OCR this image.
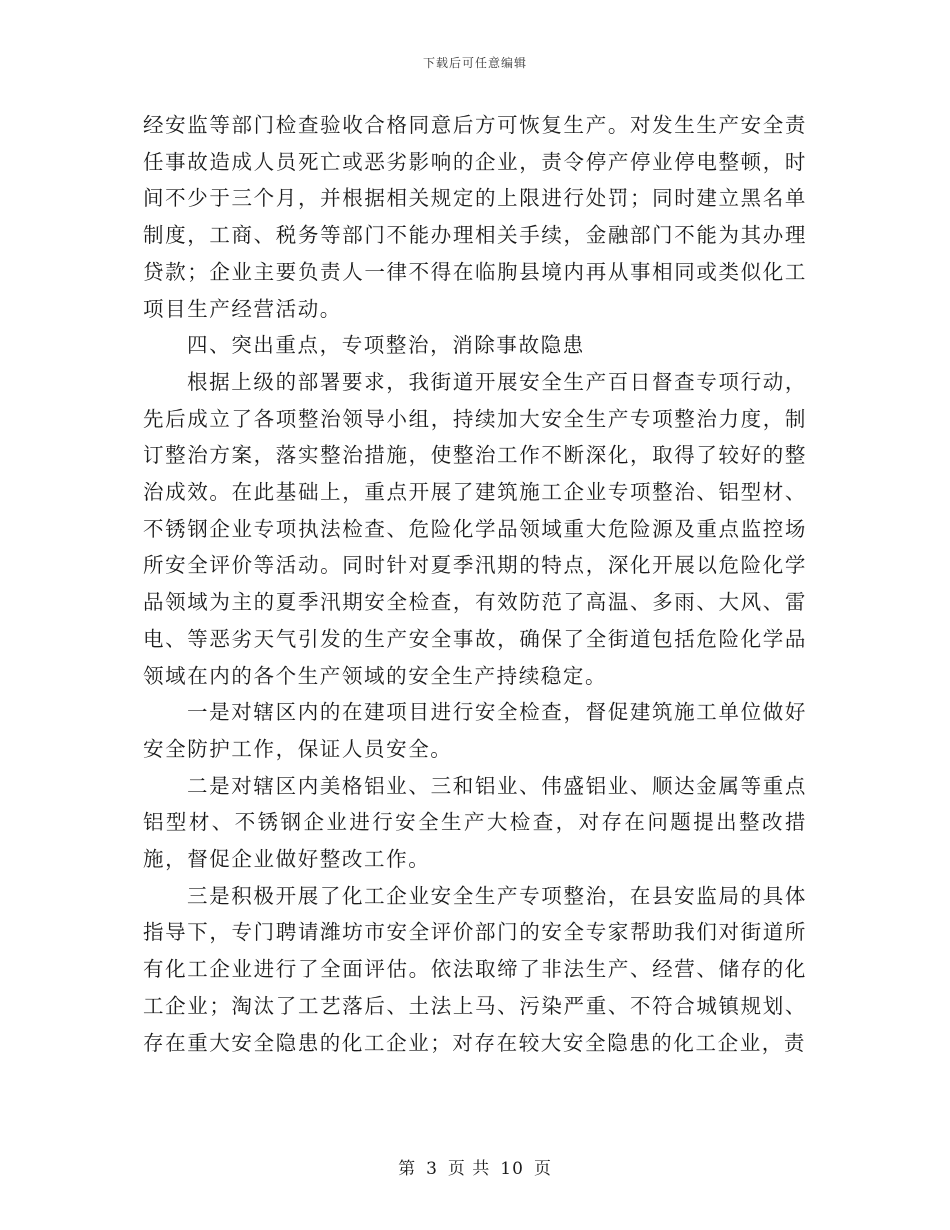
下载后可任意编辑

经安监等部门检查验收合格同意后方可恢复生产。对发生生产安全责任事故造成人员死亡或恶劣影响的企业，责令停产停业停电整顿，时间不少于三个月，并根据相关规定的上限进行处罚；同时建立黑名单制度，工商、税务等部门不能办理相关手续，金融部门不能为其办理贷款；企业主要负责人一律不得在临朐县境内再从事相同或类似化工项目生产经营活动。

四、突出重点，专项整治，消除事故隐患

根据上级的部署要求，我街道开展安全生产百日督查专项行动，先后成立了各项整治领导小组，持续加大安全生产专项整治力度，制订整治方案，落实整治措施，使整治工作不断深化，取得了较好的整治成效。在此基础上，重点开展了建筑施工企业专项整治、铝型材、不锈钢企业专项执法检查、危险化学品领域重大危险源及重点监控场所安全评价等活动。同时针对夏季汛期的特点，深化开展以危险化学品领域为主的夏季汛期安全检查，有效防范了高温、多雨、大风、雷电、等恶劣天气引发的生产安全事故，确保了全街道包括危险化学品领域在内的各个生产领域的安全生产持续稳定。

一是对辖区内的在建项目进行安全检查，督促建筑施工单位做好安全防护工作，保证人员安全。

二是对辖区内美格铝业、三和铝业、伟盛铝业、顺达金属等重点铝型材、不锈钢企业进行安全生产大检查，对存在问题提出整改措施，督促企业做好整改工作。

三是积极开展了化工企业安全生产专项整治，在县安监局的具体指导下，专门聘请潍坊市安全评价部门的安全专家帮助我们对街道所有化工企业进行了全面评估。依法取缔了非法生产、经营、储存的化工企业；淘汰了工艺落后、土法上马、污染严重、不符合城镇规划、存在重大安全隐患的化工企业；对存在较大安全隐患的化工企业，责

第 3 页 共 10 页
